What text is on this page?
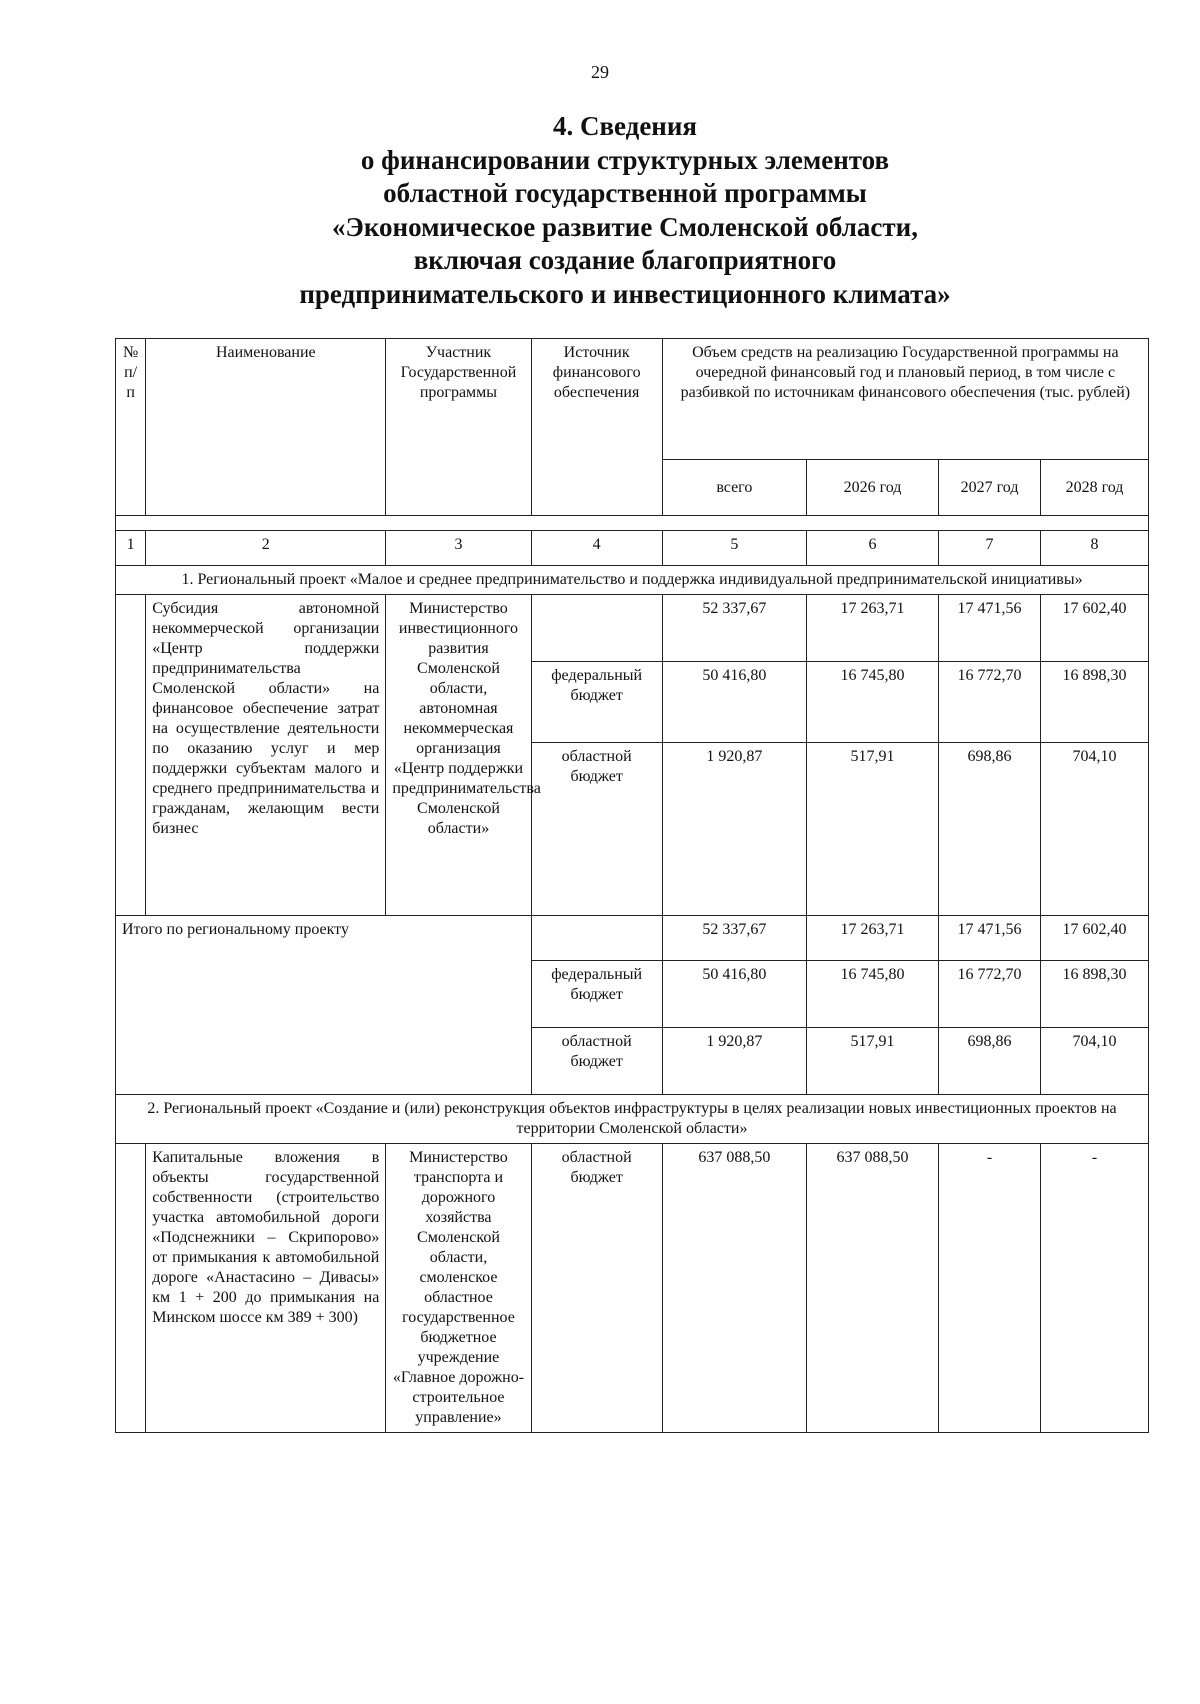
29
4. Сведения
о финансировании структурных элементов
областной государственной программы
«Экономическое развитие Смоленской области,
включая создание благоприятного
предпринимательского и инвестиционного климата»
№ п/п	Наименование	Участник Государственной программы	Источник финансового обеспечения	Объем средств на реализацию Государственной программы на очередной финансовый год и плановый период, в том числе с разбивкой по источникам финансового обеспечения (тыс. рублей)			
				всего	2026 год	2027 год	2028 год

1	2	3	4	5	6	7	8
1. Региональный проект «Малое и среднее предпринимательство и поддержка индивидуальной предпринимательской инициативы»							
	Субсидия автономной некоммерческой организации «Центр поддержки предпринимательства Смоленской области» на финансовое обеспечение затрат на осуществление деятельности по оказанию услуг и мер поддержки субъектам малого и среднего предпринимательства и гражданам, желающим вести бизнес	Министерство инвестиционного развития Смоленской области, автономная некоммерческая организация «Центр поддержки предпринимательства Смоленской области»		52 337,67	17 263,71	17 471,56	17 602,40
			федеральный бюджет	50 416,80	16 745,80	16 772,70	16 898,30
			областной бюджет	1 920,87	517,91	698,86	704,10
Итого по региональному проекту				52 337,67	17 263,71	17 471,56	17 602,40
			федеральный бюджет	50 416,80	16 745,80	16 772,70	16 898,30
			областной бюджет	1 920,87	517,91	698,86	704,10
2. Региональный проект «Создание и (или) реконструкция объектов инфраструктуры в целях реализации новых инвестиционных проектов на территории Смоленской области»							
	Капитальные вложения в объекты государственной собственности (строительство участка автомобильной дороги «Подснежники – Скрипорово» от примыкания к автомобильной дороге «Анастасино – Дивасы» км 1 + 200 до примыкания на Минском шоссе км 389 + 300)	Министерство транспорта и дорожного хозяйства Смоленской области, смоленское областное государственное бюджетное учреждение «Главное дорожно-строительное управление»	областной бюджет	637 088,50	637 088,50	-	-
